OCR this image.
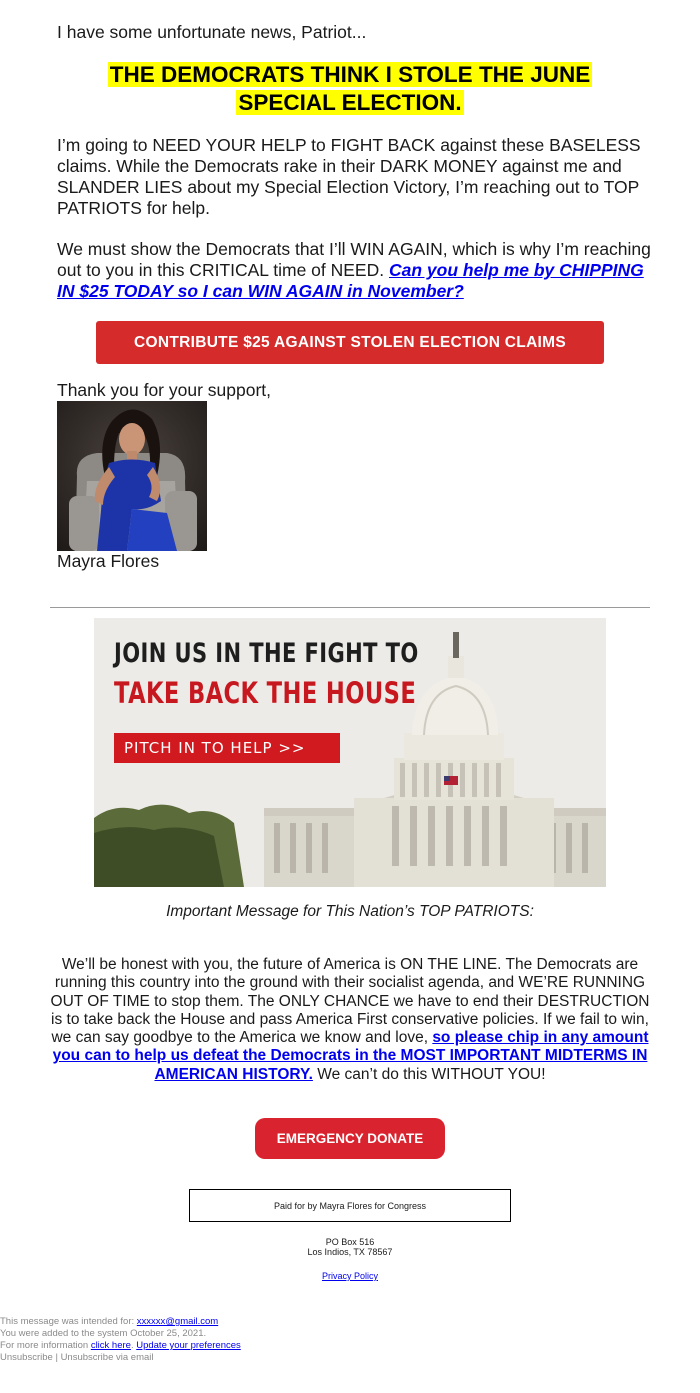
I have some unfortunate news, Patriot...
THE DEMOCRATS THINK I STOLE THE JUNE SPECIAL ELECTION.
I’m going to NEED YOUR HELP to FIGHT BACK against these BASELESS claims. While the Democrats rake in their DARK MONEY against me and SLANDER LIES about my Special Election Victory, I’m reaching out to TOP PATRIOTS for help.
We must show the Democrats that I’ll WIN AGAIN, which is why I’m reaching out to you in this CRITICAL time of NEED. Can you help me by CHIPPING IN $25 TODAY so I can WIN AGAIN in November?
CONTRIBUTE $25 AGAINST STOLEN ELECTION CLAIMS
Thank you for your support,
Mayra Flores
JOIN US IN THE FIGHT TO
TAKE BACK THE HOUSE
PITCH IN TO HELP >>
Important Message for This Nation’s TOP PATRIOTS:
We’ll be honest with you, the future of America is ON THE LINE. The Democrats are running this country into the ground with their socialist agenda, and WE’RE RUNNING OUT OF TIME to stop them. The ONLY CHANCE we have to end their DESTRUCTION is to take back the House and pass America First conservative policies. If we fail to win, we can say goodbye to the America we know and love, so please chip in any amount you can to help us defeat the Democrats in the MOST IMPORTANT MIDTERMS IN AMERICAN HISTORY. We can’t do this WITHOUT YOU!
EMERGENCY DONATE
Paid for by Mayra Flores for Congress
PO Box 516
Los Indios, TX 78567
Privacy Policy
This message was intended for: xxxxxx@gmail.com
You were added to the system October 25, 2021.
For more information click here. Update your preferences
Unsubscribe | Unsubscribe via email
